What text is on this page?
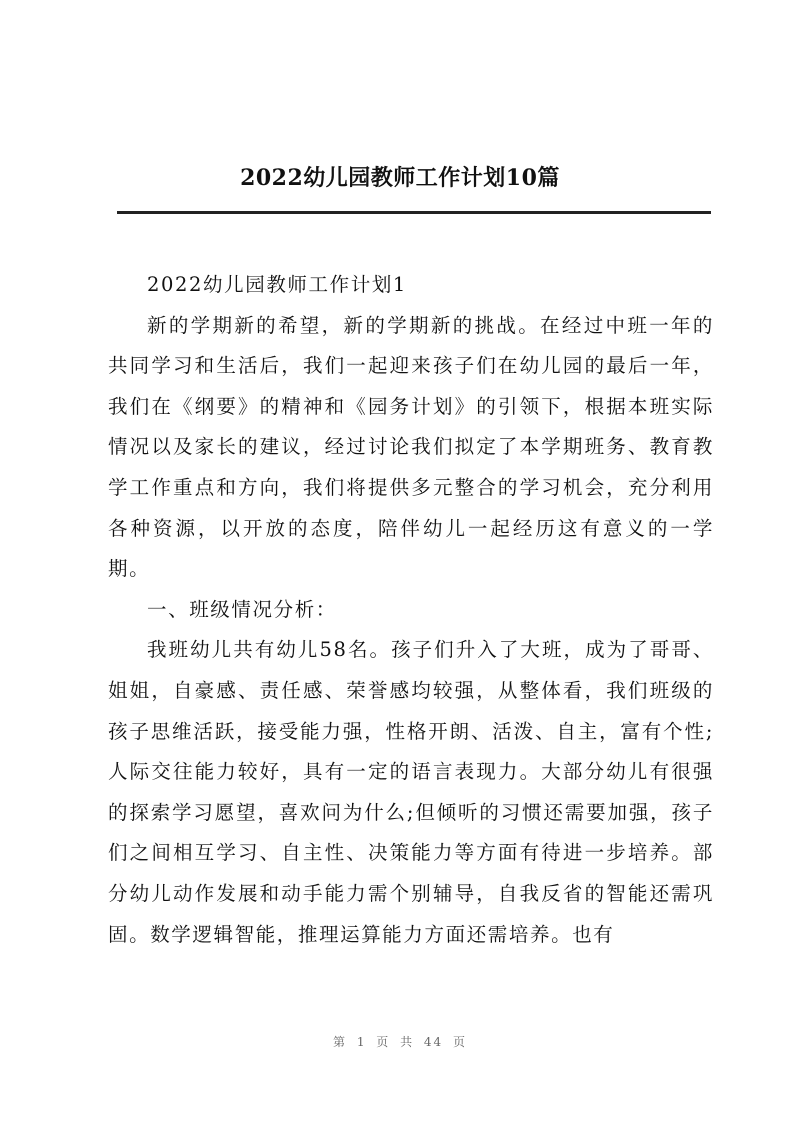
2022幼儿园教师工作计划10篇

2022幼儿园教师工作计划1

新的学期新的希望，新的学期新的挑战。在经过中班一年的共同学习和生活后，我们一起迎来孩子们在幼儿园的最后一年，我们在《纲要》的精神和《园务计划》的引领下，根据本班实际情况以及家长的建议，经过讨论我们拟定了本学期班务、教育教学工作重点和方向，我们将提供多元整合的学习机会，充分利用各种资源，以开放的态度，陪伴幼儿一起经历这有意义的一学期。

一、班级情况分析：

我班幼儿共有幼儿58名。孩子们升入了大班，成为了哥哥、姐姐，自豪感、责任感、荣誉感均较强，从整体看，我们班级的孩子思维活跃，接受能力强，性格开朗、活泼、自主，富有个性;人际交往能力较好，具有一定的语言表现力。大部分幼儿有很强的探索学习愿望，喜欢问为什么;但倾听的习惯还需要加强，孩子们之间相互学习、自主性、决策能力等方面有待进一步培养。部分幼儿动作发展和动手能力需个别辅导，自我反省的智能还需巩固。数学逻辑智能，推理运算能力方面还需培养。也有

第 1 页 共 44 页
